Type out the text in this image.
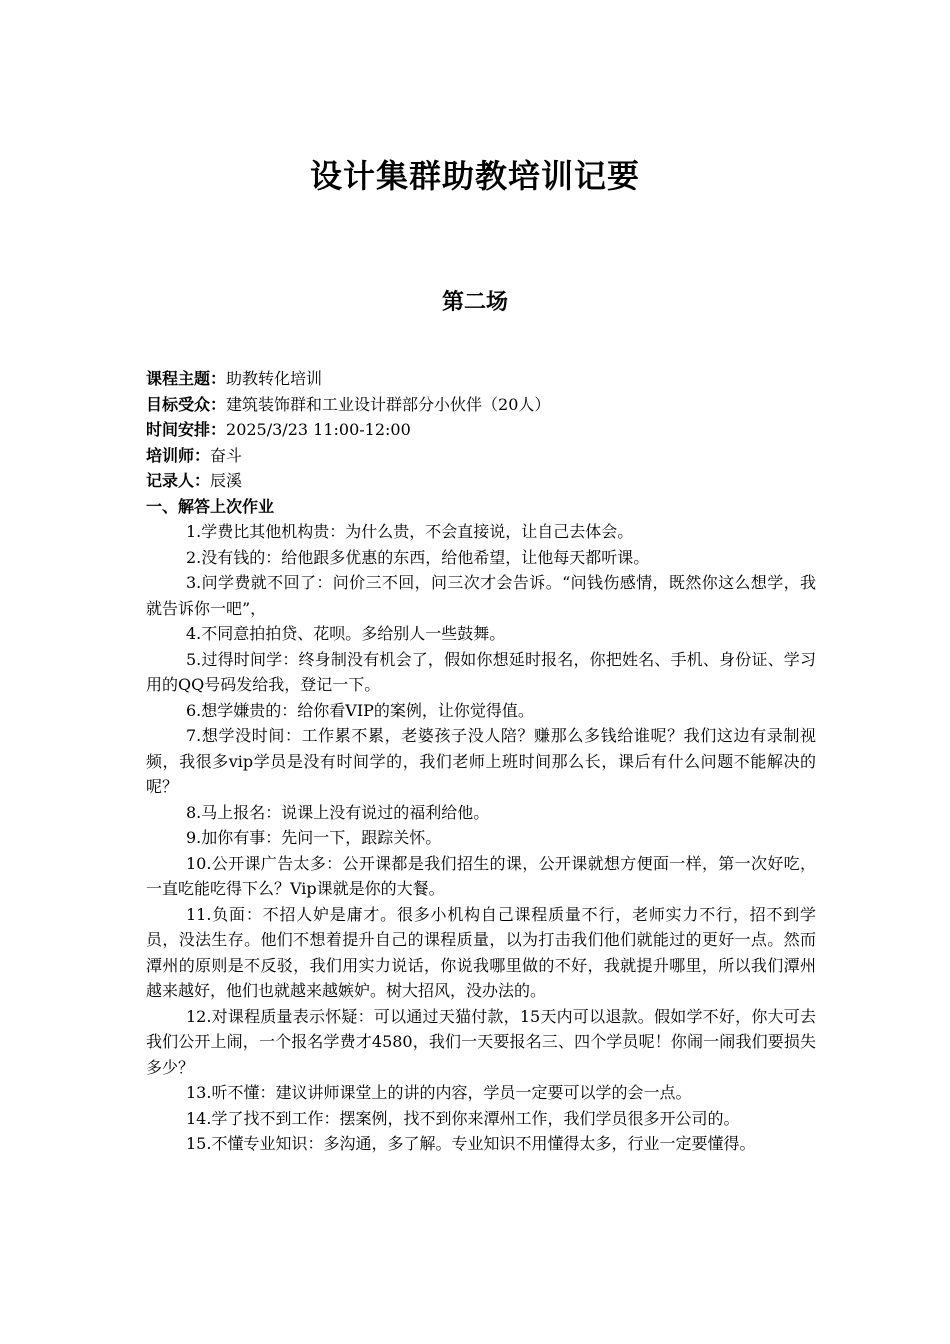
设计集群助教培训记要
第二场
课程主题：助教转化培训
目标受众：建筑装饰群和工业设计群部分小伙伴（20人）
时间安排：2025/3/23 11:00-12:00
培训师：奋斗
记录人：辰溪
一、解答上次作业

1.学费比其他机构贵：为什么贵，不会直接说，让自己去体会。

2.没有钱的：给他跟多优惠的东西，给他希望，让他每天都听课。

3.问学费就不回了：问价三不回，问三次才会告诉。“问钱伤感情，既然你这么想学，我就告诉你一吧”，

4.不同意拍拍贷、花呗。多给别人一些鼓舞。

5.过得时间学：终身制没有机会了，假如你想延时报名，你把姓名、手机、身份证、学习用的QQ号码发给我，登记一下。

6.想学嫌贵的：给你看VIP的案例，让你觉得值。

7.想学没时间：工作累不累，老婆孩子没人陪？赚那么多钱给谁呢？我们这边有录制视频，我很多vip学员是没有时间学的，我们老师上班时间那么长，课后有什么问题不能解决的呢？

8.马上报名：说课上没有说过的福利给他。

9.加你有事：先问一下，跟踪关怀。

10.公开课广告太多：公开课都是我们招生的课，公开课就想方便面一样，第一次好吃，一直吃能吃得下么？Vip课就是你的大餐。

11.负面：不招人妒是庸才。很多小机构自己课程质量不行，老师实力不行，招不到学员，没法生存。他们不想着提升自己的课程质量，以为打击我们他们就能过的更好一点。然而潭州的原则是不反驳，我们用实力说话，你说我哪里做的不好，我就提升哪里，所以我们潭州越来越好，他们也就越来越嫉妒。树大招风，没办法的。

12.对课程质量表示怀疑：可以通过天猫付款，15天内可以退款。假如学不好，你大可去我们公开上闹，一个报名学费才4580，我们一天要报名三、四个学员呢！你闹一闹我们要损失多少？

13.听不懂：建议讲师课堂上的讲的内容，学员一定要可以学的会一点。

14.学了找不到工作：摆案例，找不到你来潭州工作，我们学员很多开公司的。

15.不懂专业知识：多沟通，多了解。专业知识不用懂得太多，行业一定要懂得。
